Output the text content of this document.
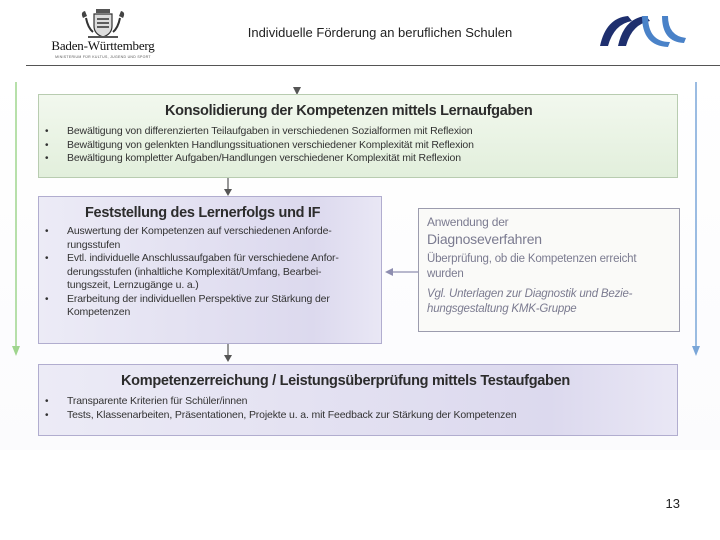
Baden-Württemberg
MINISTERIUM FÜR KULTUS, JUGEND UND SPORT
Individuelle Förderung an beruflichen Schulen
Konsolidierung der Kompetenzen mittels Lernaufgaben
• Bewältigung von differenzierten Teilaufgaben in verschiedenen Sozialformen mit Reflexion
• Bewältigung von gelenkten Handlungssituationen verschiedener Komplexität mit Reflexion
• Bewältigung kompletter Aufgaben/Handlungen verschiedener Komplexität mit Reflexion
Feststellung des Lernerfolgs und IF
• Auswertung der Kompetenzen auf verschiedenen Anforde-
rungsstufen
• Evtl. individuelle Anschlussaufgaben für verschiedene Anfor-
derungsstufen (inhaltliche Komplexität/Umfang, Bearbei-
tungszeit, Lernzugänge u. a.)
• Erarbeitung der individuellen Perspektive zur Stärkung der
Kompetenzen
Anwendung der
Diagnoseverfahren
Überprüfung, ob die Kompetenzen erreicht
wurden
Vgl. Unterlagen zur Diagnostik und Bezie-
hungsgestaltung KMK-Gruppe
Kompetenzerreichung / Leistungsüberprüfung mittels Testaufgaben
• Transparente Kriterien für Schüler/innen
• Tests, Klassenarbeiten, Präsentationen, Projekte u. a. mit Feedback zur Stärkung der Kompetenzen
13
